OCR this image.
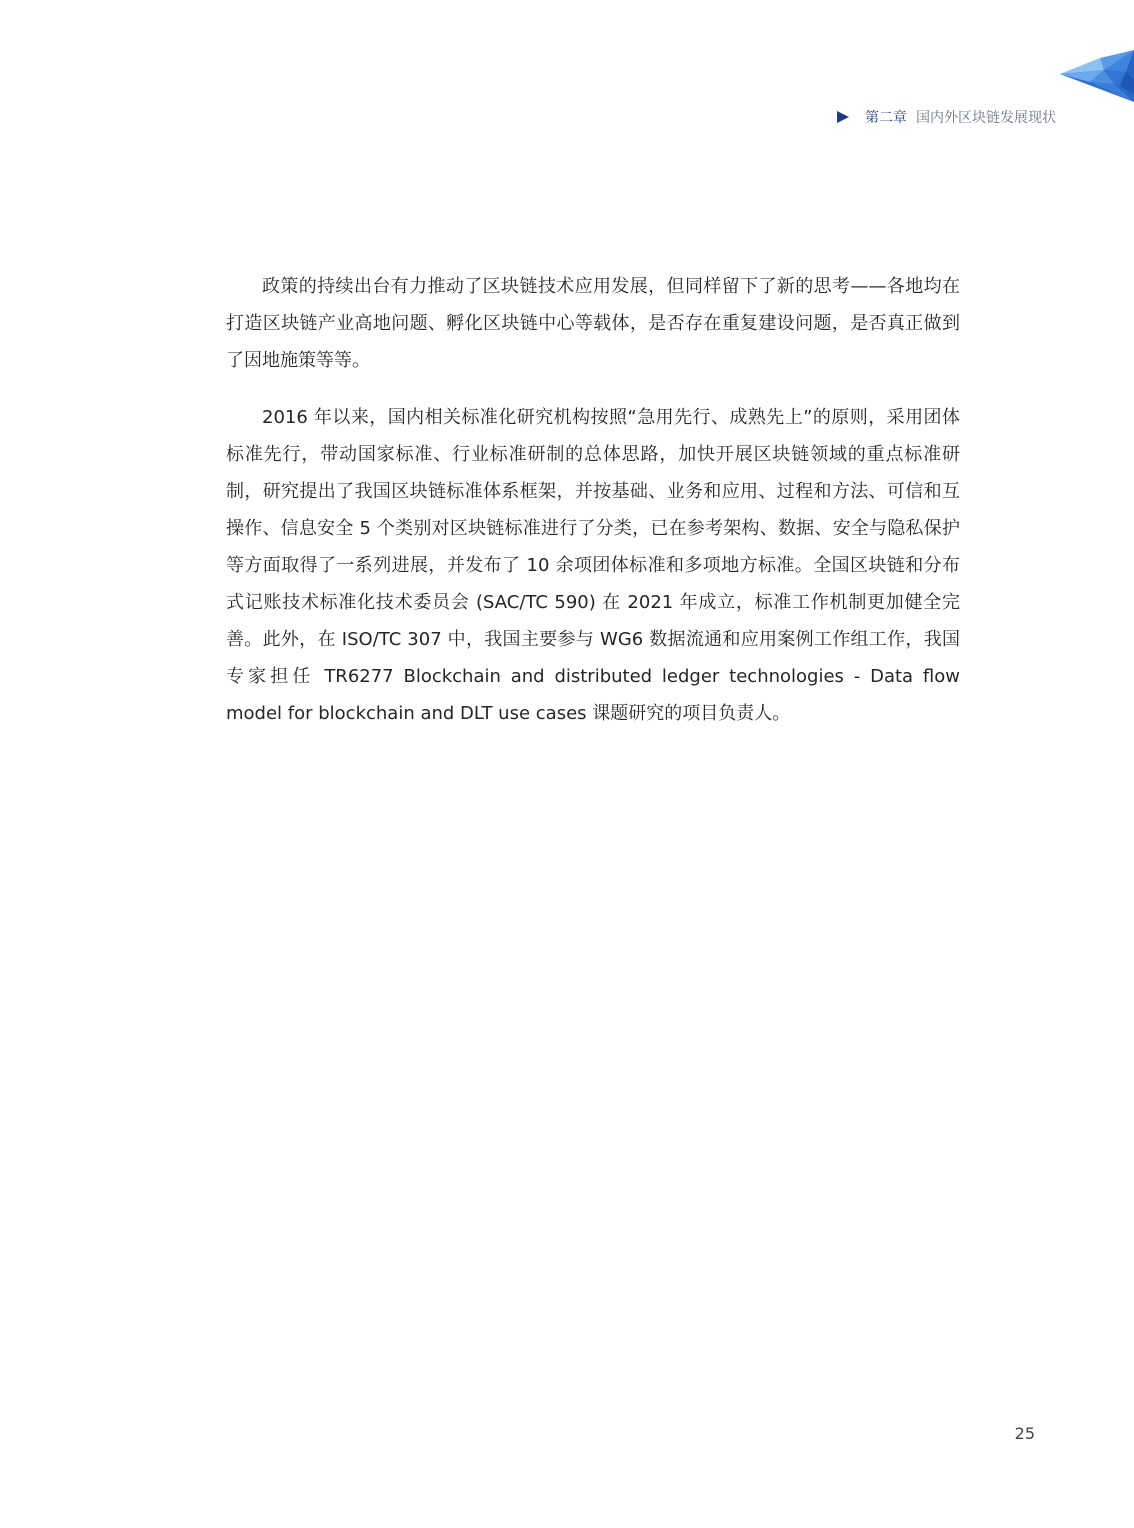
第二章 国内外区块链发展现状

政策的持续出台有力推动了区块链技术应用发展，但同样留下了新的思考——各地均在打造区块链产业高地问题、孵化区块链中心等载体，是否存在重复建设问题，是否真正做到了因地施策等等。

2016 年以来，国内相关标准化研究机构按照“急用先行、成熟先上”的原则，采用团体标准先行，带动国家标准、行业标准研制的总体思路，加快开展区块链领域的重点标准研制，研究提出了我国区块链标准体系框架，并按基础、业务和应用、过程和方法、可信和互操作、信息安全 5 个类别对区块链标准进行了分类，已在参考架构、数据、安全与隐私保护等方面取得了一系列进展，并发布了 10 余项团体标准和多项地方标准。全国区块链和分布式记账技术标准化技术委员会 (SAC/TC 590) 在 2021 年成立，标准工作机制更加健全完善。此外，在 ISO/TC 307 中，我国主要参与 WG6 数据流通和应用案例工作组工作，我国专家担任 TR6277 Blockchain and distributed ledger technologies - Data flow model for blockchain and DLT use cases 课题研究的项目负责人。

25
